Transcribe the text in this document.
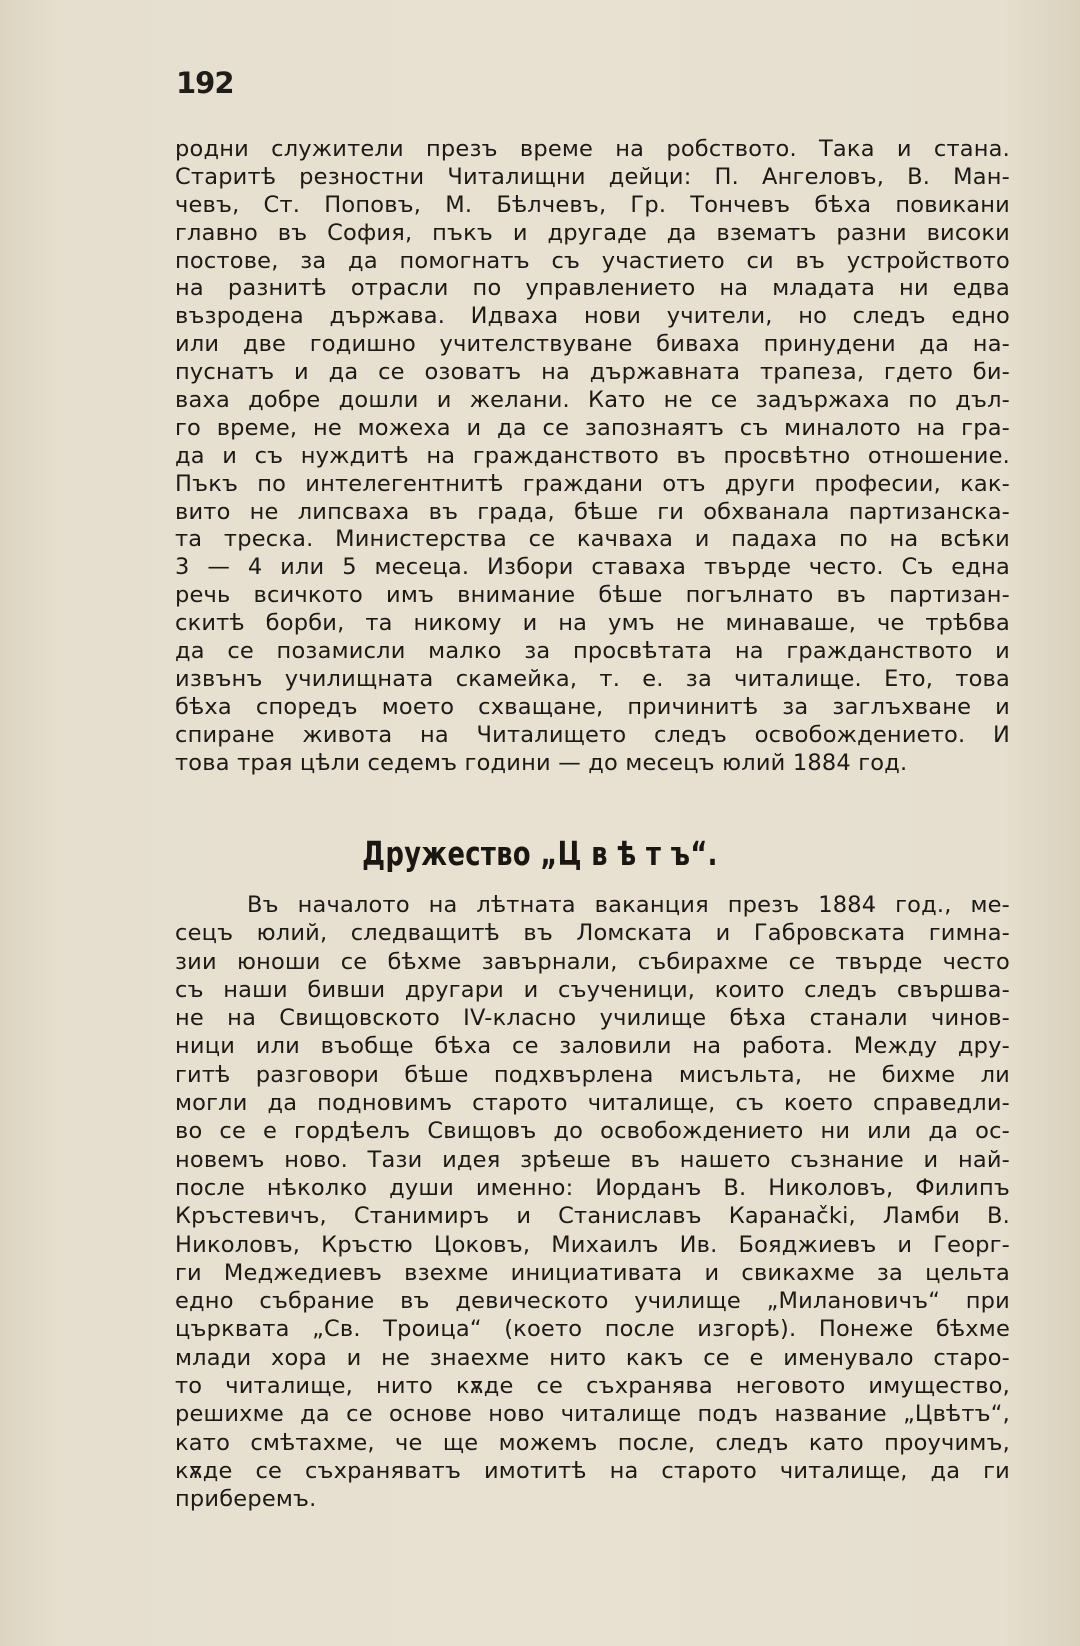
192
родни служители презъ време на робството. Така и стана.
Старитѣ резностни Читалищни дейци: П. Ангеловъ, В. Ман-
чевъ, Ст. Поповъ, М. Бѣлчевъ, Гр. Тончевъ бѣха повикани
главно въ София, пъкъ и другаде да взематъ разни високи
постове, за да помогнатъ съ участието си въ устройството
на разнитѣ отрасли по управлението на младата ни едва
възродена държава. Идваха нови учители, но следъ едно
или две годишно учителствуване биваха принудени да на-
пуснатъ и да се озоватъ на държавната трапеза, гдето би-
ваха добре дошли и желани. Като не се задържаха по дъл-
го време, не можеха и да се запознаятъ съ миналото на гра-
да и съ нуждитѣ на гражданството въ просвѣтно отношение.
Пъкъ по интелегентнитѣ граждани отъ други професии, как-
вито не липсваха въ града, бѣше ги обхванала партизанска-
та треска. Министерства се качваха и падаха по на всѣки
3 — 4 или 5 месеца. Избори ставаха твърде често. Съ една
речь всичкото имъ внимание бѣше погълнато въ партизан-
скитѣ борби, та никому и на умъ не минаваше, че трѣбва
да се позамисли малко за просвѣтата на гражданството и
извънъ училищната скамейка, т. е. за читалище. Ето, това
бѣха споредъ моето схващане, причинитѣ за заглъхване и
спиране живота на Читалището следъ освобождението. И
това трая цѣли седемъ години — до месецъ юлий 1884 год.
Дружество „Ц в ѣ т ъ“.
Въ началото на лѣтната ваканция презъ 1884 год., ме-
сецъ юлий, следващитѣ въ Ломската и Габровската гимна-
зии юноши се бѣхме завърнали, събирахме се твърде често
съ наши бивши другари и съученици, които следъ свършва-
не на Свищовското IV-класно училище бѣха станали чинов-
ници или въобще бѣха се заловили на работа. Между дру-
гитѣ разговори бѣше подхвърлена мисъльта, не бихме ли
могли да подновимъ старото читалище, съ което справедли-
во се е гордѣелъ Свищовъ до освобождението ни или да ос-
новемъ ново. Тази идея зрѣеше въ нашето съзнание и най-
после нѣколко души именно: Иорданъ В. Николовъ, Филипъ
Кръстевичъ, Станимиръ и Станиславъ Каранački, Ламби В.
Николовъ, Кръстю Цоковъ, Михаилъ Ив. Бояджиевъ и Георг-
ги Меджедиевъ взехме инициативата и свикахме за цельта
едно събрание въ девическото училище „Милановичъ“ при
църквата „Св. Троица“ (което после изгорѣ). Понеже бѣхме
млади хора и не знаехме нито какъ се е именувало старо-
то читалище, нито кѫде се съхранява неговото имущество,
решихме да се основе ново читалище подъ название „Цвѣтъ“,
като смѣтахме, че ще можемъ после, следъ като проучимъ,
кѫде се съхраняватъ имотитѣ на старото читалище, да ги
приберемъ.
